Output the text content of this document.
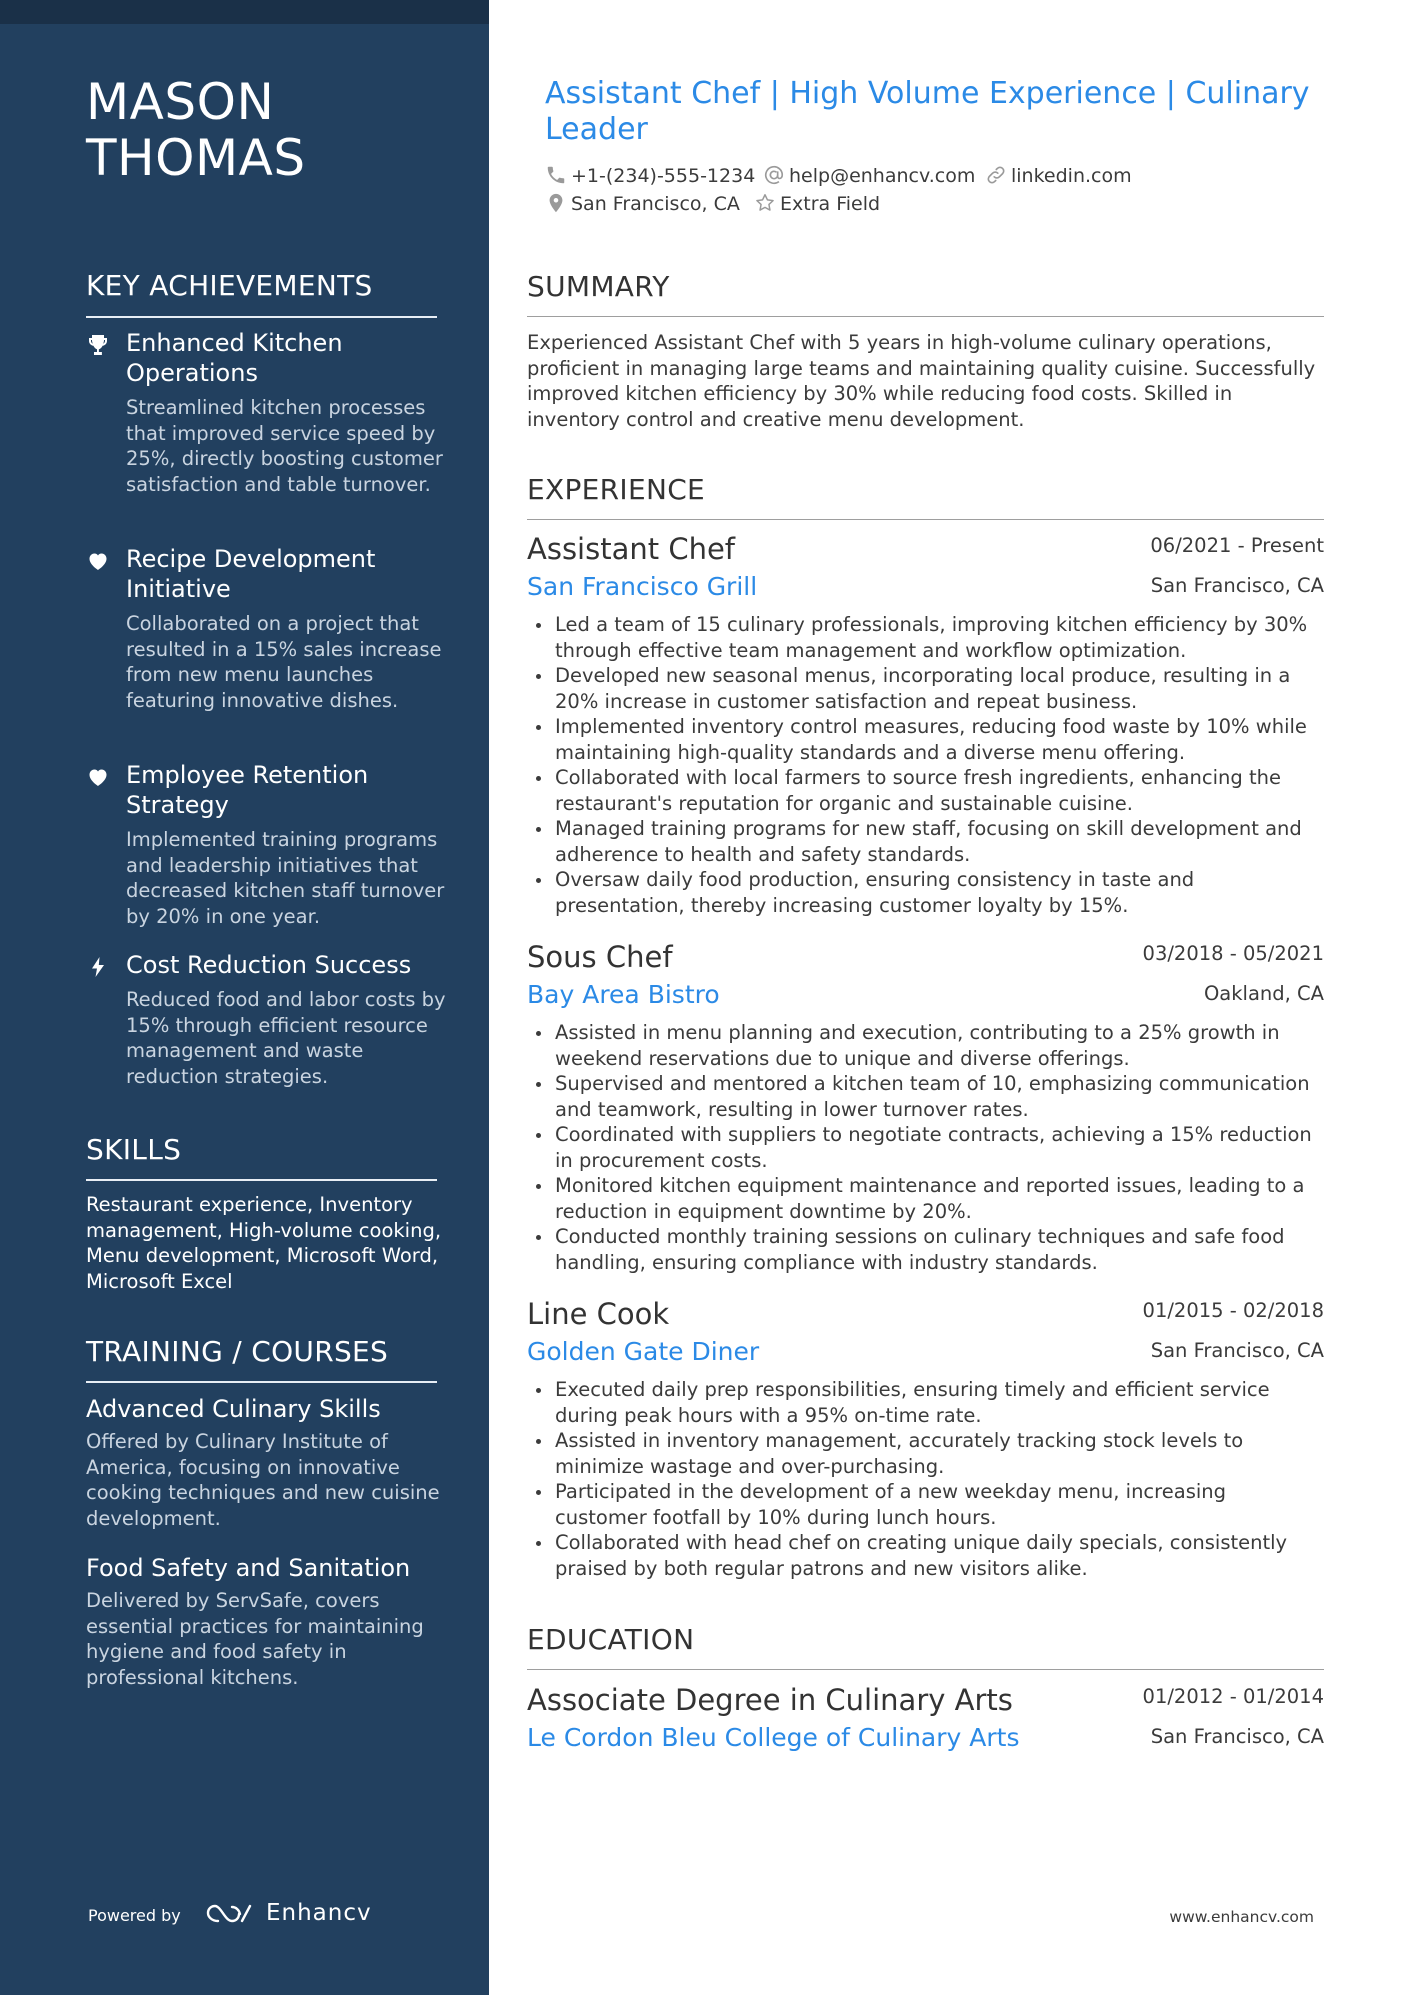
MASON THOMAS
KEY ACHIEVEMENTS
Enhanced Kitchen Operations
Streamlined kitchen processes that improved service speed by 25%, directly boosting customer satisfaction and table turnover.
Recipe Development Initiative
Collaborated on a project that resulted in a 15% sales increase from new menu launches featuring innovative dishes.
Employee Retention Strategy
Implemented training programs and leadership initiatives that decreased kitchen staff turnover by 20% in one year.
Cost Reduction Success
Reduced food and labor costs by 15% through efficient resource management and waste reduction strategies.
SKILLS
Restaurant experience, Inventory management, High-volume cooking, Menu development, Microsoft Word, Microsoft Excel
TRAINING / COURSES
Advanced Culinary Skills
Offered by Culinary Institute of America, focusing on innovative cooking techniques and new cuisine development.
Food Safety and Sanitation
Delivered by ServSafe, covers essential practices for maintaining hygiene and food safety in professional kitchens.
Powered by	Enhancv
Assistant Chef | High Volume Experience | Culinary Leader
+1-(234)-555-1234	help@enhancv.com	linkedin.com
San Francisco, CA	Extra Field
SUMMARY
Experienced Assistant Chef with 5 years in high-volume culinary operations, proficient in managing large teams and maintaining quality cuisine. Successfully improved kitchen efficiency by 30% while reducing food costs. Skilled in inventory control and creative menu development.
EXPERIENCE
Assistant Chef	06/2021 - Present
San Francisco Grill	San Francisco, CA
Led a team of 15 culinary professionals, improving kitchen efficiency by 30% through effective team management and workflow optimization.
Developed new seasonal menus, incorporating local produce, resulting in a 20% increase in customer satisfaction and repeat business.
Implemented inventory control measures, reducing food waste by 10% while maintaining high-quality standards and a diverse menu offering.
Collaborated with local farmers to source fresh ingredients, enhancing the restaurant's reputation for organic and sustainable cuisine.
Managed training programs for new staff, focusing on skill development and adherence to health and safety standards.
Oversaw daily food production, ensuring consistency in taste and presentation, thereby increasing customer loyalty by 15%.
Sous Chef	03/2018 - 05/2021
Bay Area Bistro	Oakland, CA
Assisted in menu planning and execution, contributing to a 25% growth in weekend reservations due to unique and diverse offerings.
Supervised and mentored a kitchen team of 10, emphasizing communication and teamwork, resulting in lower turnover rates.
Coordinated with suppliers to negotiate contracts, achieving a 15% reduction in procurement costs.
Monitored kitchen equipment maintenance and reported issues, leading to a reduction in equipment downtime by 20%.
Conducted monthly training sessions on culinary techniques and safe food handling, ensuring compliance with industry standards.
Line Cook	01/2015 - 02/2018
Golden Gate Diner	San Francisco, CA
Executed daily prep responsibilities, ensuring timely and efficient service during peak hours with a 95% on-time rate.
Assisted in inventory management, accurately tracking stock levels to minimize wastage and over-purchasing.
Participated in the development of a new weekday menu, increasing customer footfall by 10% during lunch hours.
Collaborated with head chef on creating unique daily specials, consistently praised by both regular patrons and new visitors alike.
EDUCATION
Associate Degree in Culinary Arts	01/2012 - 01/2014
Le Cordon Bleu College of Culinary Arts	San Francisco, CA
www.enhancv.com
